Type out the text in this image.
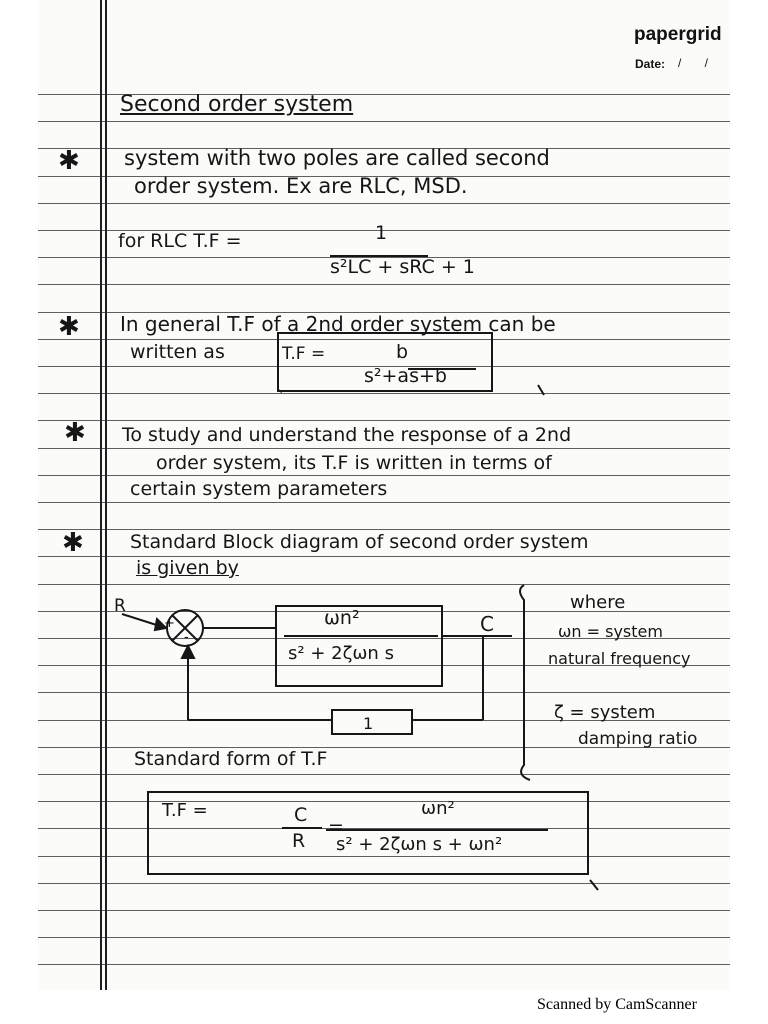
papergrid
Date: / /
Second order system
✱ system with two poles are called second
order system. Ex are RLC, MSD.
for RLC T.F =	1
s²LC + sRC + 1
✱ In general T.F of a 2nd order system can be
written as	T.F =	b
s²+as+b
✱ To study and understand the response of a 2nd
order system, its T.F is written in terms of
certain system parameters
✱ Standard Block diagram of second order system
is given by
R
+
-
ωn²
s² + 2ζωn s
C
1
where
ωn = system
natural frequency
ζ = system
damping ratio
Standard form of T.F
T.F =	C
R
=
ωn²
s² + 2ζωn s + ωn²
Scanned by CamScanner
